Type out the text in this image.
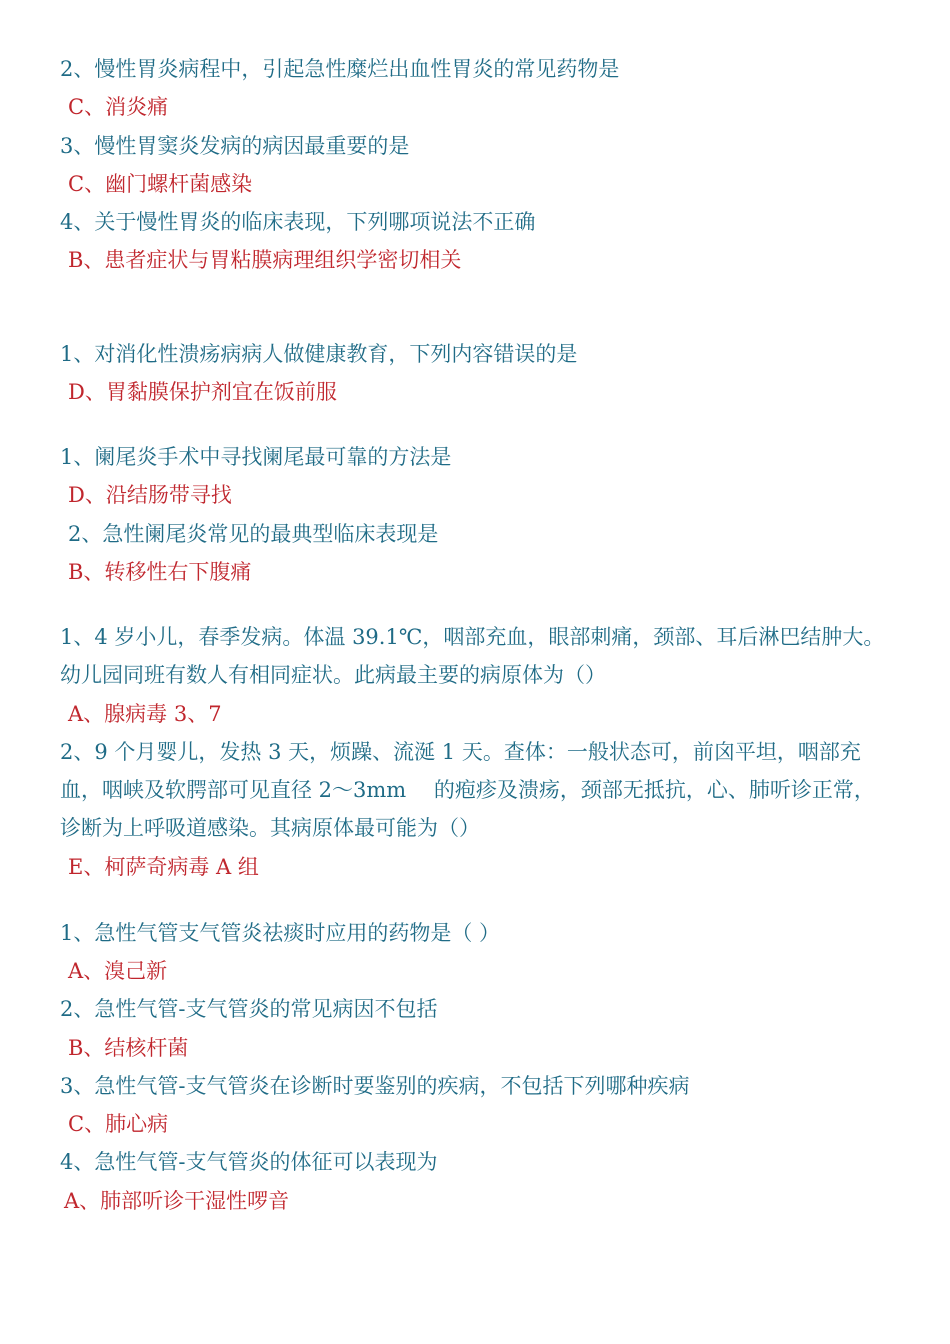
2、慢性胃炎病程中，引起急性糜烂出血性胃炎的常见药物是
C、消炎痛
3、慢性胃窦炎发病的病因最重要的是
C、幽门螺杆菌感染
4、关于慢性胃炎的临床表现，下列哪项说法不正确
B、患者症状与胃粘膜病理组织学密切相关
1、对消化性溃疡病病人做健康教育，下列内容错误的是
D、胃黏膜保护剂宜在饭前服
1、阑尾炎手术中寻找阑尾最可靠的方法是
D、沿结肠带寻找
2、急性阑尾炎常见的最典型临床表现是
B、转移性右下腹痛
1、4 岁小儿，春季发病。体温 39.1℃，咽部充血，眼部刺痛，颈部、耳后淋巴结肿大。
幼儿园同班有数人有相同症状。此病最主要的病原体为（）
A、腺病毒 3、7
2、9 个月婴儿，发热 3 天，烦躁、流涎 1 天。查体：一般状态可，前囟平坦，咽部充
血，咽峡及软腭部可见直径 2～3mm　 的疱疹及溃疡，颈部无抵抗，心、肺听诊正常，
诊断为上呼吸道感染。其病原体最可能为（）
E、柯萨奇病毒 A 组
1、急性气管支气管炎祛痰时应用的药物是（ ）
A、溴己新
2、急性气管-支气管炎的常见病因不包括
B、结核杆菌
3、急性气管-支气管炎在诊断时要鉴别的疾病，不包括下列哪种疾病
C、肺心病
4、急性气管-支气管炎的体征可以表现为
A、肺部听诊干湿性啰音
